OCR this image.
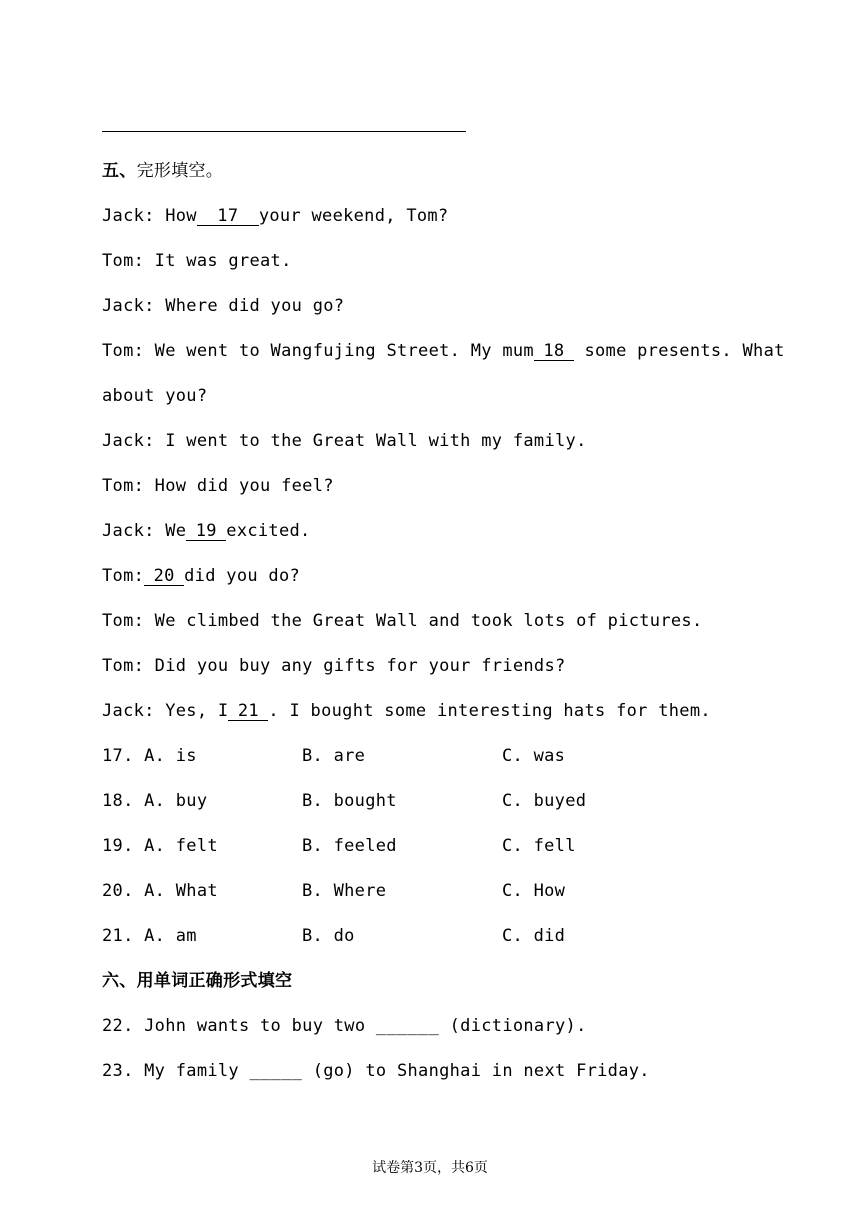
五、完形填空。
Jack: How 17 your weekend, Tom?
Tom: It was great.
Jack: Where did you go?
Tom: We went to Wangfujing Street. My mum 18 some presents. What
about you?
Jack: I went to the Great Wall with my family.
Tom: How did you feel?
Jack: We 19 excited.
Tom: 20 did you do?
Tom: We climbed the Great Wall and took lots of pictures.
Tom: Did you buy any gifts for your friends?
Jack: Yes, I 21 . I bought some interesting hats for them.
17. A. is	B. are	C. was
18. A. buy	B. bought	C. buyed
19. A. felt	B. feeled	C. fell
20. A. What	B. Where	C. How
21. A. am	B. do	C. did
六、用单词正确形式填空
22. John wants to buy two ______ (dictionary).
23. My family _____ (go) to Shanghai in next Friday.
试卷第3页，共6页
